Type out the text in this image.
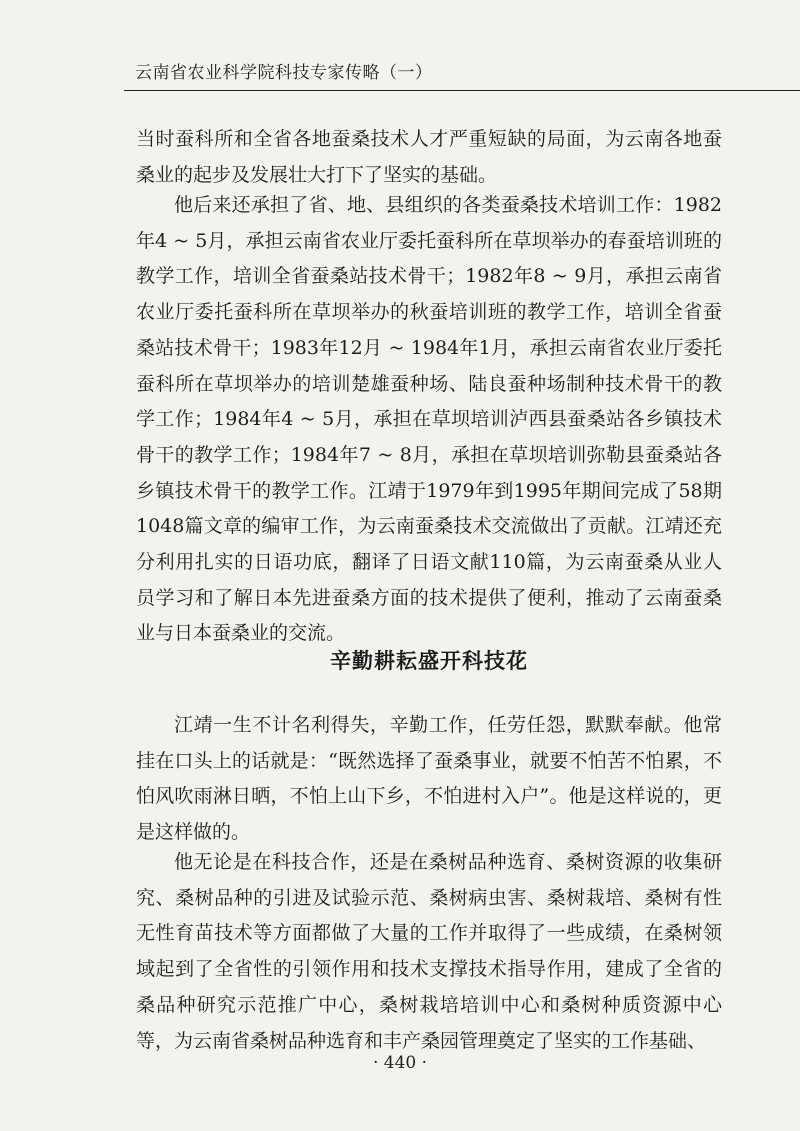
云南省农业科学院科技专家传略（一）

当时蚕科所和全省各地蚕桑技术人才严重短缺的局面，为云南各地蚕桑业的起步及发展壮大打下了坚实的基础。

他后来还承担了省、地、县组织的各类蚕桑技术培训工作：1982年4 ~ 5月，承担云南省农业厅委托蚕科所在草坝举办的春蚕培训班的教学工作，培训全省蚕桑站技术骨干；1982年8 ~ 9月，承担云南省农业厅委托蚕科所在草坝举办的秋蚕培训班的教学工作，培训全省蚕桑站技术骨干；1983年12月 ~ 1984年1月，承担云南省农业厅委托蚕科所在草坝举办的培训楚雄蚕种场、陆良蚕种场制种技术骨干的教学工作；1984年4 ~ 5月，承担在草坝培训泸西县蚕桑站各乡镇技术骨干的教学工作；1984年7 ~ 8月，承担在草坝培训弥勒县蚕桑站各乡镇技术骨干的教学工作。江靖于1979年到1995年期间完成了58期1048篇文章的编审工作，为云南蚕桑技术交流做出了贡献。江靖还充分利用扎实的日语功底，翻译了日语文献110篇，为云南蚕桑从业人员学习和了解日本先进蚕桑方面的技术提供了便利，推动了云南蚕桑业与日本蚕桑业的交流。

辛勤耕耘盛开科技花

江靖一生不计名利得失，辛勤工作，任劳任怨，默默奉献。他常挂在口头上的话就是：“既然选择了蚕桑事业，就要不怕苦不怕累，不怕风吹雨淋日晒，不怕上山下乡，不怕进村入户”。他是这样说的，更是这样做的。

他无论是在科技合作，还是在桑树品种选育、桑树资源的收集研究、桑树品种的引进及试验示范、桑树病虫害、桑树栽培、桑树有性无性育苗技术等方面都做了大量的工作并取得了一些成绩，在桑树领域起到了全省性的引领作用和技术支撑技术指导作用，建成了全省的桑品种研究示范推广中心，桑树栽培培训中心和桑树种质资源中心等，为云南省桑树品种选育和丰产桑园管理奠定了坚实的工作基础、

· 440 ·
